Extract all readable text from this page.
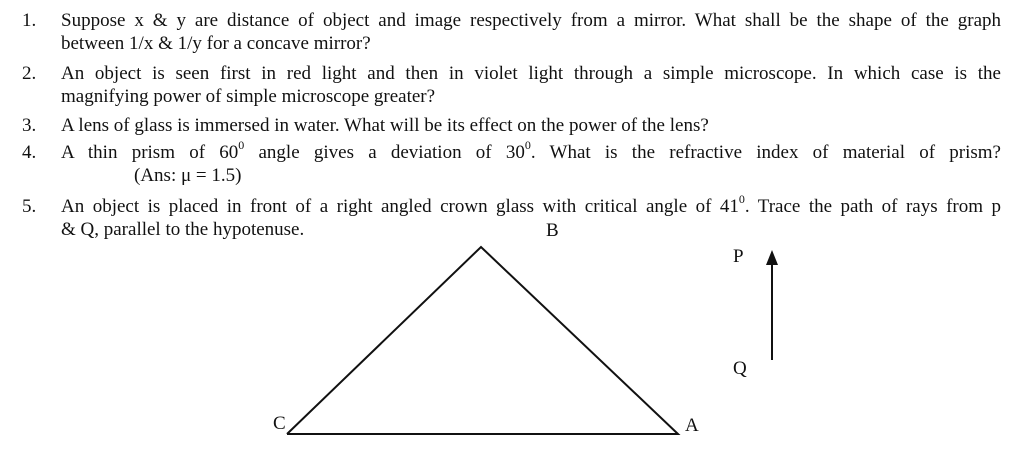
1. Suppose x & y are distance of object and image respectively from a mirror. What shall be the shape of the graph
between 1/x & 1/y for a concave mirror?
2. An object is seen first in red light and then in violet light through a simple microscope. In which case is the
magnifying power of simple microscope greater?
3. A lens of glass is immersed in water. What will be its effect on the power of the lens?
4. A thin prism of $60^0$ angle gives a deviation of $30^0$. What is the refractive index of material of prism?
(Ans: μ = 1.5)
5. An object is placed in front of a right angled crown glass with critical angle of $41^0$. Trace the path of rays from p
& Q, parallel to the hypotenuse.	B
A
C
P
Q
